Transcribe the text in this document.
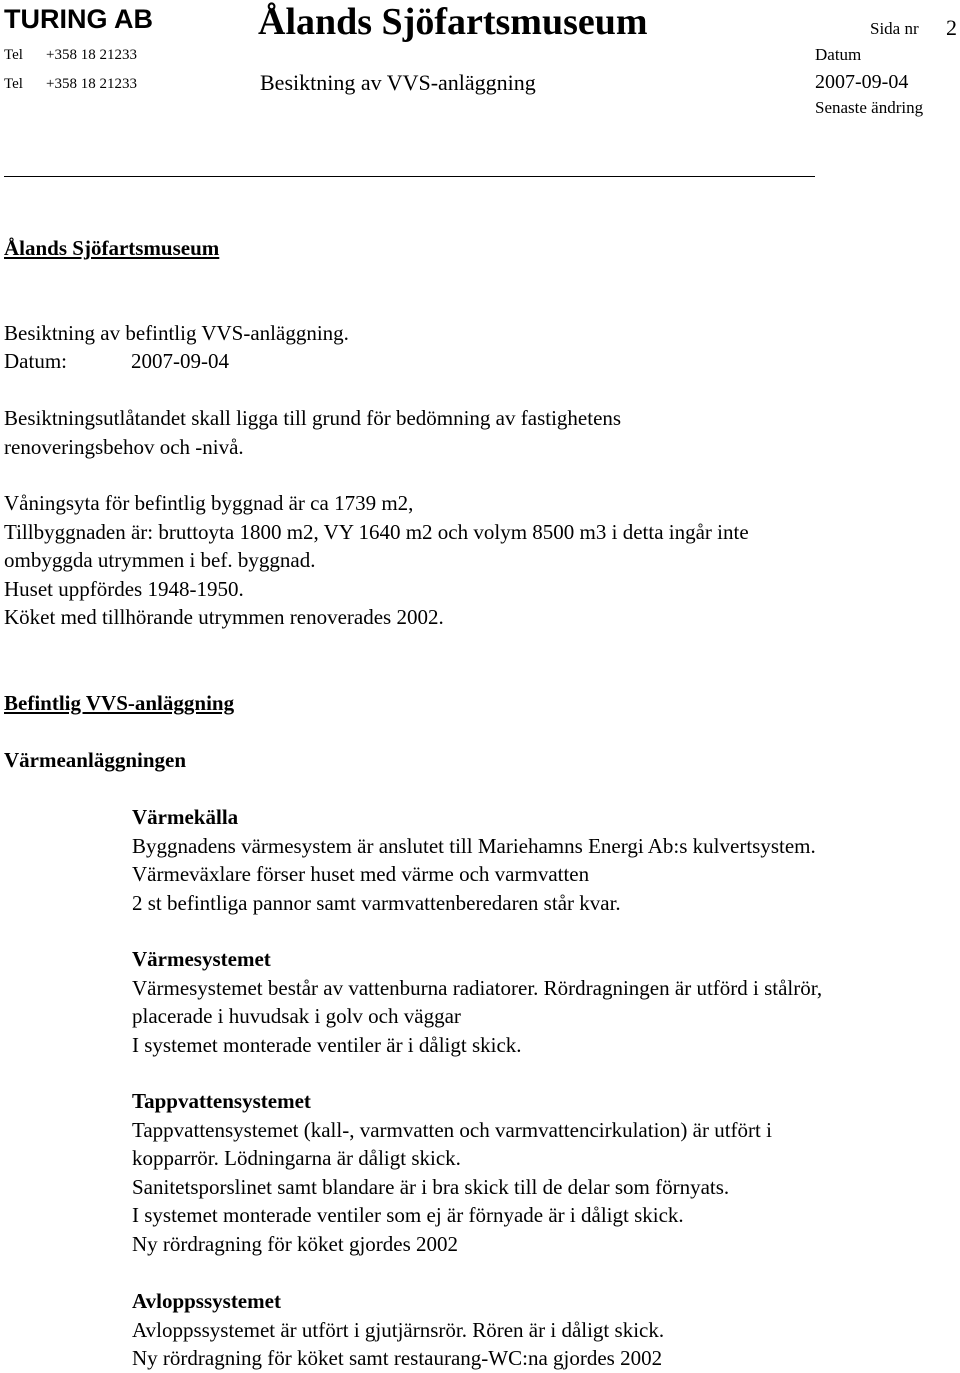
TURING AB	Ålands Sjöfartsmuseum	Sida nr 2
Tel +358 18 21233	Datum
Tel +358 18 21233	Besiktning av VVS-anläggning	2007-09-04
Senaste ändring
Ålands Sjöfartsmuseum
Besiktning av befintlig VVS-anläggning.
Datum:	2007-09-04

Besiktningsutlåtandet skall ligga till grund för bedömning av fastighetens

renoveringsbehov och -nivå.

Våningsyta för befintlig byggnad är ca 1739 m2,

Tillbyggnaden är: bruttoyta 1800 m2, VY 1640 m2 och volym 8500 m3 i detta ingår inte

ombyggda utrymmen i bef. byggnad.

Huset uppfördes 1948-1950.

Köket med tillhörande utrymmen renoverades 2002.

Befintlig VVS-anläggning
Värmeanläggningen

Värmekälla

Byggnadens värmesystem är anslutet till Mariehamns Energi Ab:s kulvertsystem.

Värmeväxlare förser huset med värme och varmvatten

2 st befintliga pannor samt varmvattenberedaren står kvar.

Värmesystemet

Värmesystemet består av vattenburna radiatorer. Rördragningen är utförd i stålrör,

placerade i huvudsak i golv och väggar

I systemet monterade ventiler är i dåligt skick.

Tappvattensystemet

Tappvattensystemet (kall-, varmvatten och varmvattencirkulation) är utfört i

kopparrör. Lödningarna är dåligt skick.

Sanitetsporslinet samt blandare är i bra skick till de delar som förnyats.

I systemet monterade ventiler som ej är förnyade är i dåligt skick.

Ny rördragning för köket gjordes 2002

Avloppssystemet

Avloppssystemet är utfört i gjutjärnsrör. Rören är i dåligt skick.

Ny rördragning för köket samt restaurang-WC:na gjordes 2002
